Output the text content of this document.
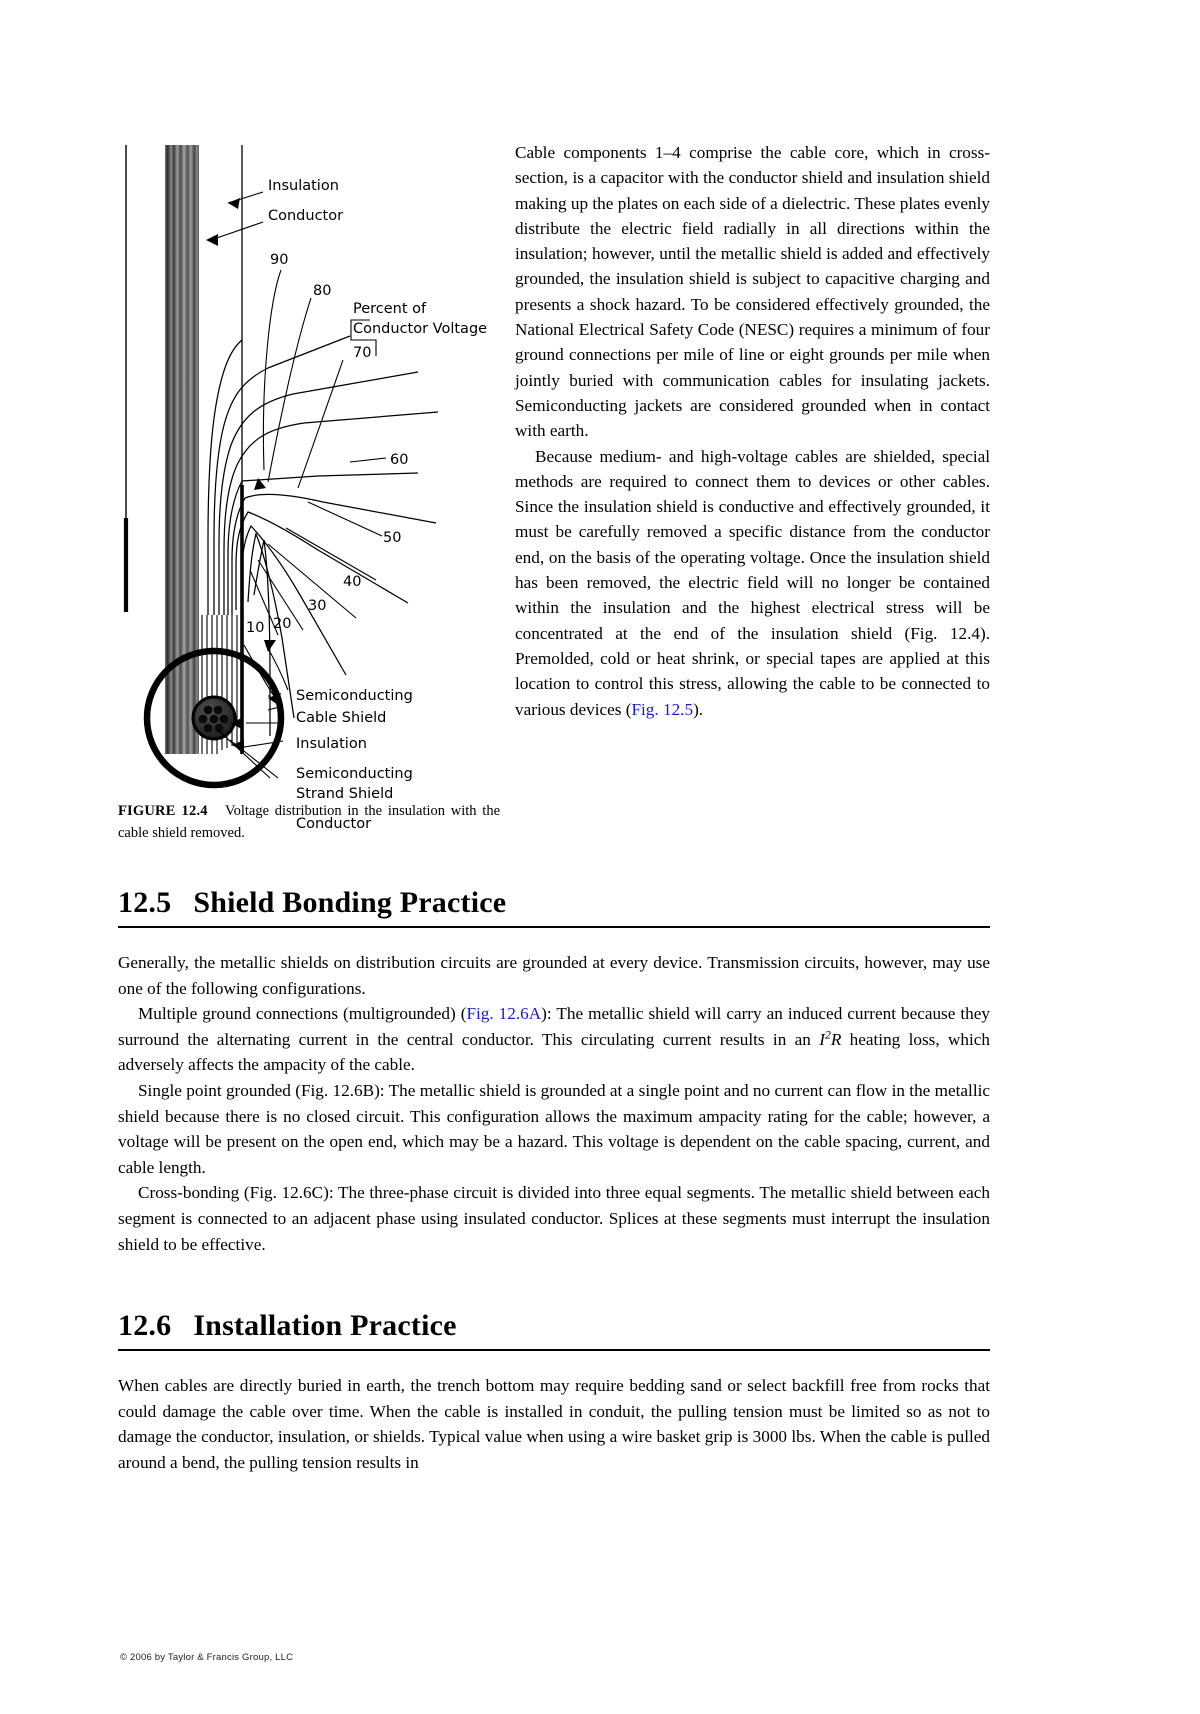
Insulation
Conductor
90
80
Percent of
Conductor Voltage
70
60
50
40
30
20
10
Semiconducting
Cable Shield
Insulation
Semiconducting
Strand Shield
Conductor
FIGURE 12.4 Voltage distribution in the insulation with the cable shield removed.

Cable components 1–4 comprise the cable core, which in cross-section, is a capacitor with the conductor shield and insulation shield making up the plates on each side of a dielectric. These plates evenly distribute the electric field radially in all directions within the insulation; however, until the metallic shield is added and effectively grounded, the insulation shield is subject to capacitive charging and presents a shock hazard. To be considered effectively grounded, the National Electrical Safety Code (NESC) requires a minimum of four ground connections per mile of line or eight grounds per mile when jointly buried with communication cables for insulating jackets. Semiconducting jackets are considered grounded when in contact with earth.

Because medium- and high-voltage cables are shielded, special methods are required to connect them to devices or other cables. Since the insulation shield is conductive and effectively grounded, it must be carefully removed a specific distance from the conductor end, on the basis of the operating voltage. Once the insulation shield has been removed, the electric field will no longer be contained within the insulation and the highest electrical stress will be concentrated at the end of the insulation shield (Fig. 12.4). Premolded, cold or heat shrink, or special tapes are applied at this location to control this stress, allowing the cable to be connected to various devices (Fig. 12.5).

12.5 Shield Bonding Practice

Generally, the metallic shields on distribution circuits are grounded at every device. Transmission circuits, however, may use one of the following configurations.

Multiple ground connections (multigrounded) (Fig. 12.6A): The metallic shield will carry an induced current because they surround the alternating current in the central conductor. This circulating current results in an $I^2R$ heating loss, which adversely affects the ampacity of the cable.

Single point grounded (Fig. 12.6B): The metallic shield is grounded at a single point and no current can flow in the metallic shield because there is no closed circuit. This configuration allows the maximum ampacity rating for the cable; however, a voltage will be present on the open end, which may be a hazard. This voltage is dependent on the cable spacing, current, and cable length.

Cross-bonding (Fig. 12.6C): The three-phase circuit is divided into three equal segments. The metallic shield between each segment is connected to an adjacent phase using insulated conductor. Splices at these segments must interrupt the insulation shield to be effective.

12.6 Installation Practice

When cables are directly buried in earth, the trench bottom may require bedding sand or select backfill free from rocks that could damage the cable over time. When the cable is installed in conduit, the pulling tension must be limited so as not to damage the conductor, insulation, or shields. Typical value when using a wire basket grip is 3000 lbs. When the cable is pulled around a bend, the pulling tension results in

© 2006 by Taylor & Francis Group, LLC
